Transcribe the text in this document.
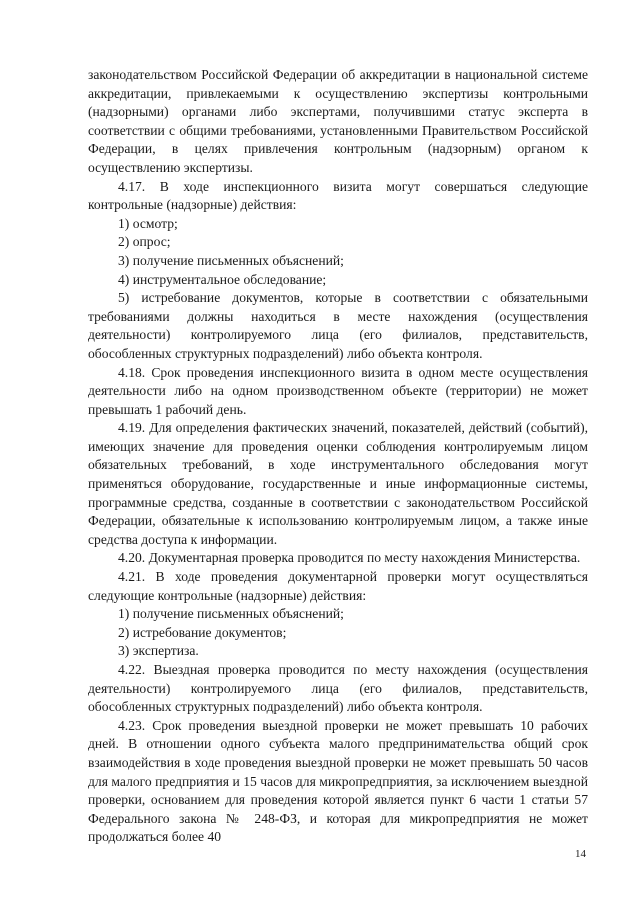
законодательством Российской Федерации об аккредитации в национальной системе аккредитации, привлекаемыми к осуществлению экспертизы контрольными (надзорными) органами либо экспертами, получившими статус эксперта в соответствии с общими требованиями, установленными Правительством Российской Федерации, в целях привлечения контрольным (надзорным) органом к осуществлению экспертизы.

4.17. В ходе инспекционного визита могут совершаться следующие контрольные (надзорные) действия:

1) осмотр;

2) опрос;

3) получение письменных объяснений;

4) инструментальное обследование;

5) истребование документов, которые в соответствии с обязательными требованиями должны находиться в месте нахождения (осуществления деятельности) контролируемого лица (его филиалов, представительств, обособленных структурных подразделений) либо объекта контроля.

4.18. Срок проведения инспекционного визита в одном месте осуществления деятельности либо на одном производственном объекте (территории) не может превышать 1 рабочий день.

4.19. Для определения фактических значений, показателей, действий (событий), имеющих значение для проведения оценки соблюдения контролируемым лицом обязательных требований, в ходе инструментального обследования могут применяться оборудование, государственные и иные информационные системы, программные средства, созданные в соответствии с законодательством Российской Федерации, обязательные к использованию контролируемым лицом, а также иные средства доступа к информации.

4.20. Документарная проверка проводится по месту нахождения Министерства.

4.21. В ходе проведения документарной проверки могут осуществляться следующие контрольные (надзорные) действия:

1) получение письменных объяснений;

2) истребование документов;

3) экспертиза.

4.22. Выездная проверка проводится по месту нахождения (осуществления деятельности) контролируемого лица (его филиалов, представительств, обособленных структурных подразделений) либо объекта контроля.

4.23. Срок проведения выездной проверки не может превышать 10 рабочих дней. В отношении одного субъекта малого предпринимательства общий срок взаимодействия в ходе проведения выездной проверки не может превышать 50 часов для малого предприятия и 15 часов для микропредприятия, за исключением выездной проверки, основанием для проведения которой является пункт 6 части 1 статьи 57 Федерального закона № 248-ФЗ, и которая для микропредприятия не может продолжаться более 40

14
